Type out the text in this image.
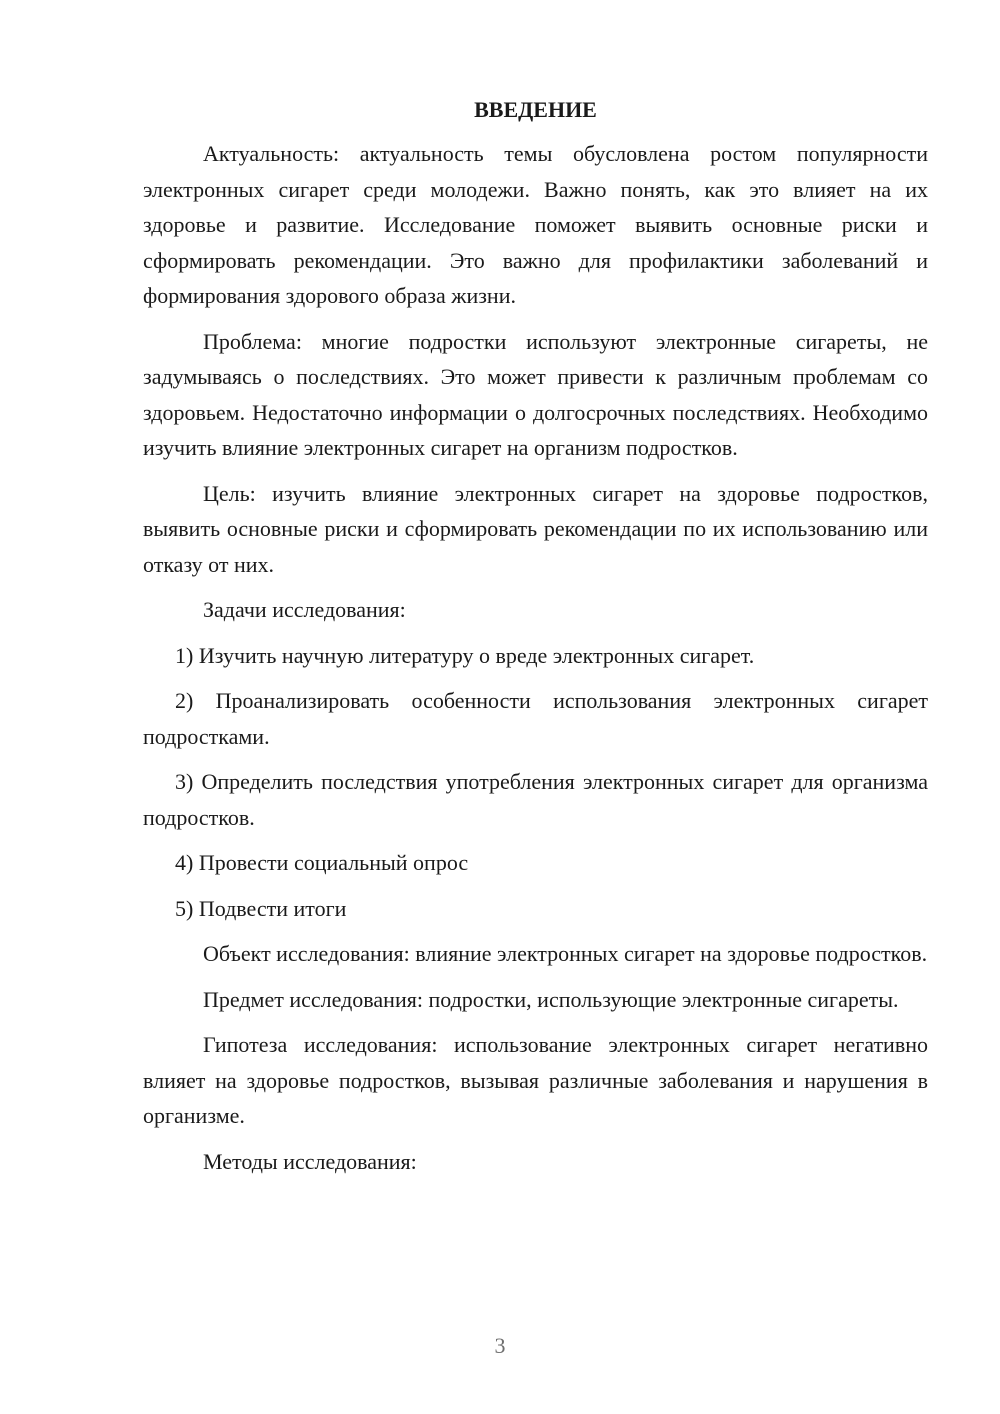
ВВЕДЕНИЕ

Актуальность: актуальность темы обусловлена ростом популярности электронных сигарет среди молодежи. Важно понять, как это влияет на их здоровье и развитие. Исследование поможет выявить основные риски и сформировать рекомендации. Это важно для профилактики заболеваний и формирования здорового образа жизни.

Проблема: многие подростки используют электронные сигареты, не задумываясь о последствиях. Это может привести к различным проблемам со здоровьем. Недостаточно информации о долгосрочных последствиях. Необходимо изучить влияние электронных сигарет на организм подростков.

Цель: изучить влияние электронных сигарет на здоровье подростков, выявить основные риски и сформировать рекомендации по их использованию или отказу от них.

Задачи исследования:

1) Изучить научную литературу о вреде электронных сигарет.

2) Проанализировать особенности использования электронных сигарет подростками.

3) Определить последствия употребления электронных сигарет для организма подростков.

4) Провести социальный опрос

5) Подвести итоги

Объект исследования: влияние электронных сигарет на здоровье подростков.

Предмет исследования: подростки, использующие электронные сигареты.

Гипотеза исследования: использование электронных сигарет негативно влияет на здоровье подростков, вызывая различные заболевания и нарушения в организме.

Методы исследования:

3
